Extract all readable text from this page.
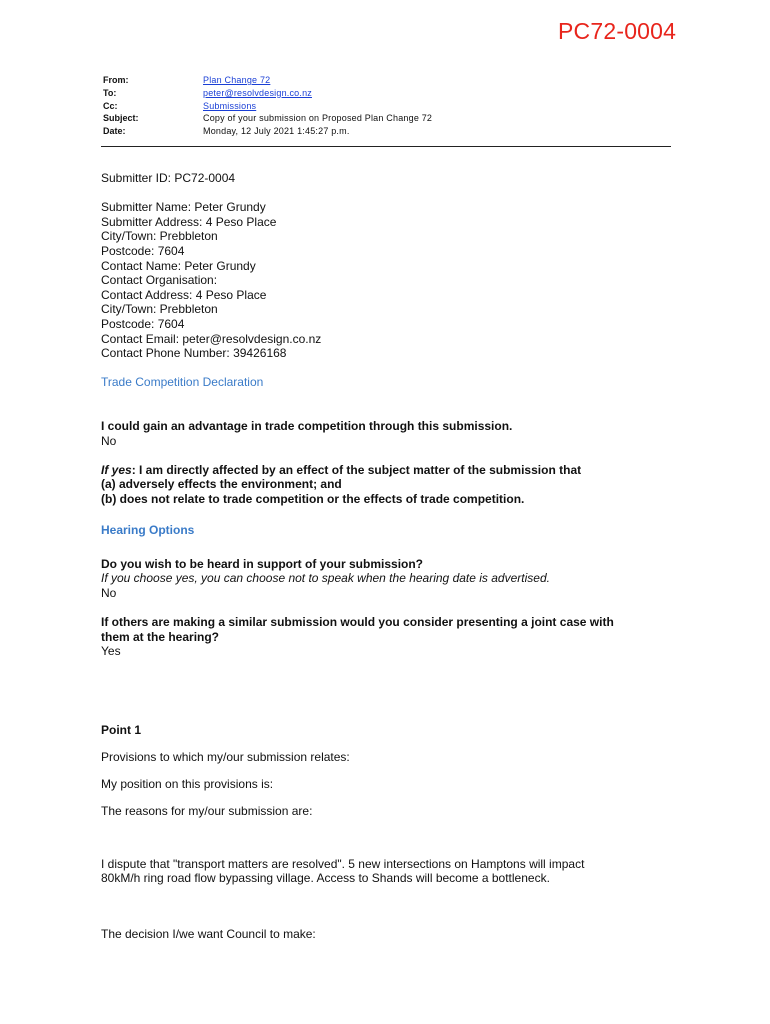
PC72-0004
From:	Plan Change 72
To:	peter@resolvdesign.co.nz
Cc:	Submissions
Subject:	Copy of your submission on Proposed Plan Change 72
Date:	Monday, 12 July 2021 1:45:27 p.m.

Submitter ID: PC72-0004

Submitter Name: Peter Grundy

Submitter Address: 4 Peso Place

City/Town: Prebbleton

Postcode: 7604

Contact Name: Peter Grundy

Contact Organisation:

Contact Address: 4 Peso Place

City/Town: Prebbleton

Postcode: 7604

Contact Email: peter@resolvdesign.co.nz

Contact Phone Number: 39426168

Trade Competition Declaration

I could gain an advantage in trade competition through this submission.

No

If yes: I am directly affected by an effect of the subject matter of the submission that

(a) adversely effects the environment; and

(b) does not relate to trade competition or the effects of trade competition.

Hearing Options

Do you wish to be heard in support of your submission?

If you choose yes, you can choose not to speak when the hearing date is advertised.

No

If others are making a similar submission would you consider presenting a joint case with

them at the hearing?

Yes

Point 1

Provisions to which my/our submission relates:

My position on this provisions is:

The reasons for my/our submission are:

I dispute that "transport matters are resolved". 5 new intersections on Hamptons will impact

80kM/h ring road flow bypassing village. Access to Shands will become a bottleneck.

The decision I/we want Council to make:
